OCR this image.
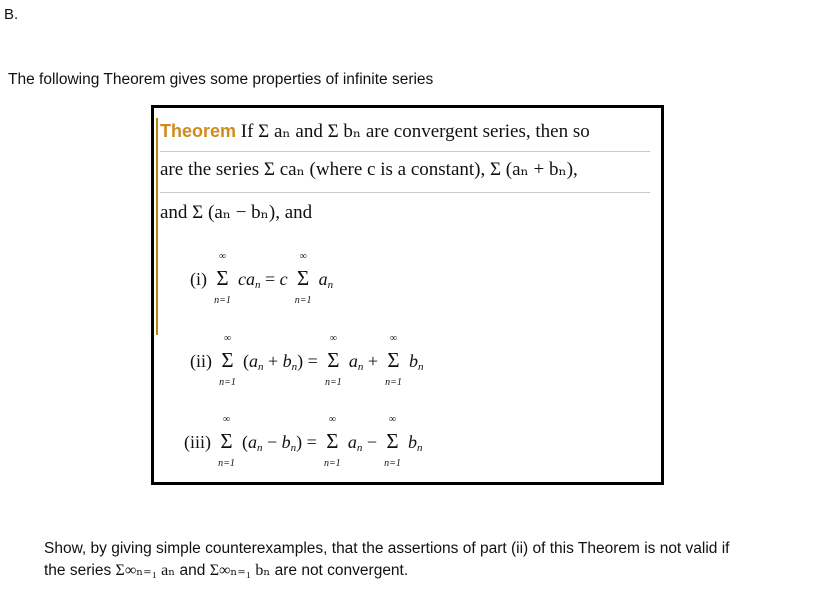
B.
The following Theorem gives some properties of infinite series
Theorem If Σ aₙ and Σ bₙ are convergent series, then so
are the series Σ caₙ (where c is a constant), Σ (aₙ + bₙ),
and Σ (aₙ − bₙ), and
(i) Σ
∞
n=1
$ca_n = c$ Σ
∞
n=1
$a_n$
(ii) Σ
∞
n=1
$(a_n + b_n) = \Sigma$
∞
n=1
$a_n + \Sigma$
∞
n=1
$b_n$
(iii) Σ
∞
n=1
$(a_n - b_n) = \Sigma$
∞
n=1
$a_n - \Sigma$
∞
n=1
$b_n$
Show, by giving simple counterexamples, that the assertions of part (ii) of this Theorem is not valid if
the series Σ∞ₙ₌₁ aₙ and Σ∞ₙ₌₁ bₙ are not convergent.
